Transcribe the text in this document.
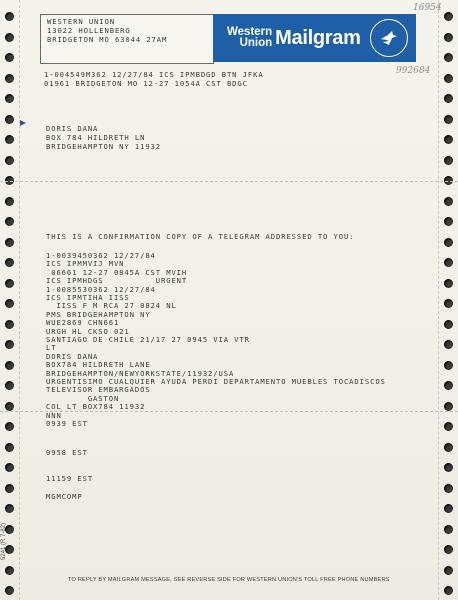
16954
992684
WESTERN UNION
13022 HOLLENBERG
BRIDGETON MO 63044 27AM
Western
Union Mailgram
1-004549M362 12/27/84 ICS IPMBDGD BTN JFKA
01961 BRIDGETON MO 12-27 1054A CST BDGC
DORIS DANA
BOX 784 HILDRETH LN
BRIDGEHAMPTON NY 11932
THIS IS A CONFIRMATION COPY OF A TELEGRAM ADDRESSED TO YOU:
1-0039450362 12/27/84
ICS IPMMVIJ MVN
06661 12-27 0845A CST MVIH
ICS IPMHDGS          URGENT
1-0085530362 12/27/84
ICS IPMTIHA IISS
IISS F M RCA 27 0824 NL
PMS BRIDGEHAMPTON NY
WUE2869 CHN661
URGH HL CKSO 021
SANTIAGO DE CHILE 21/17 27 0945 VIA VTR
LT
DORIS DANA
BOX784 HILDRETH LANE
BRIDGEHAMPTON/NEWYORKSTATE/11932/USA
URGENTISIMO CUALQUIER AYUDA PERDI DEPARTAMENTO MUEBLES TOCADISCOS
TELEVISOR EMBARGADOS
GASTON
COL LT BOX784 11932
NNN
0939 EST
0958 EST
11159 EST
MGMCOMP
TO REPLY BY MAILGRAM MESSAGE, SEE REVERSE SIDE FOR WESTERN UNION'S TOLL FREE PHONE NUMBERS
5241 (R 7-82)
